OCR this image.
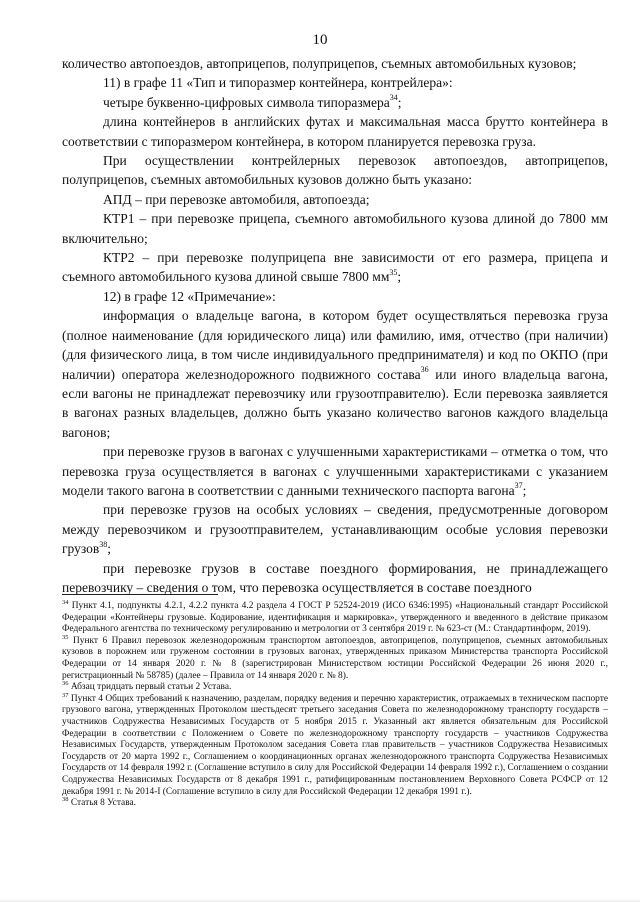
10

количество автопоездов, автоприцепов, полуприцепов, съемных автомобильных кузовов;

11) в графе 11 «Тип и типоразмер контейнера, контрейлера»:

четыре буквенно-цифровых символа типоразмера$^{34}$;

длина контейнеров в английских футах и максимальная масса брутто контейнера в соответствии с типоразмером контейнера, в котором планируется перевозка груза.

При осуществлении контрейлерных перевозок автопоездов, автоприцепов, полуприцепов, съемных автомобильных кузовов должно быть указано:

АПД – при перевозке автомобиля, автопоезда;

КТР1 – при перевозке прицепа, съемного автомобильного кузова длиной до 7800 мм включительно;

КТР2 – при перевозке полуприцепа вне зависимости от его размера, прицепа и съемного автомобильного кузова длиной свыше 7800 $мм^{35}$;

12) в графе 12 «Примечание»:

информация о владельце вагона, в котором будет осуществляться перевозка груза (полное наименование (для юридического лица) или фамилию, имя, отчество (при наличии) (для физического лица, в том числе индивидуального предпринимателя) и код по ОКПО (при наличии) оператора железнодорожного подвижного состава$^{36}$ или иного владельца вагона, если вагоны не принадлежат перевозчику или грузоотправителю). Если перевозка заявляется в вагонах разных владельцев, должно быть указано количество вагонов каждого владельца вагонов;

при перевозке грузов в вагонах с улучшенными характеристиками – отметка о том, что перевозка груза осуществляется в вагонах с улучшенными характеристиками с указанием модели такого вагона в соответствии с данными технического паспорта вагона$^{37}$;

при перевозке грузов на особых условиях – сведения, предусмотренные договором между перевозчиком и грузоотправителем, устанавливающим особые условия перевозки грузов$^{38}$;

при перевозке грузов в составе поездного формирования, не принадлежащего перевозчику – сведения о том, что перевозка осуществляется в составе поездного

$^{34}$ Пункт 4.1, подпункты 4.2.1, 4.2.2 пункта 4.2 раздела 4 ГОСТ Р 52524-2019 (ИСО 6346:1995) «Национальный стандарт Российской Федерации «Контейнеры грузовые. Кодирование, идентификация и маркировка», утвержденного и введенного в действие приказом Федерального агентства по техническому регулированию и метрологии от 3 сентября 2019 г. № 623-ст (М.: Стандартинформ, 2019).

$^{35}$ Пункт 6 Правил перевозок железнодорожным транспортом автопоездов, автоприцепов, полуприцепов, съемных автомобильных кузовов в порожнем или груженом состоянии в грузовых вагонах, утвержденных приказом Министерства транспорта Российской Федерации от 14 января 2020 г. № 8 (зарегистрирован Министерством юстиции Российской Федерации 26 июня 2020 г., регистрационный № 58785) (далее – Правила от 14 января 2020 г. № 8).

$^{36}$ Абзац тридцать первый статьи 2 Устава.

$^{37}$ Пункт 4 Общих требований к назначению, разделам, порядку ведения и перечню характеристик, отражаемых в техническом паспорте грузового вагона, утвержденных Протоколом шестьдесят третьего заседания Совета по железнодорожному транспорту государств – участников Содружества Независимых Государств от 5 ноября 2015 г. Указанный акт является обязательным для Российской Федерации в соответствии с Положением о Совете по железнодорожному транспорту государств – участников Содружества Независимых Государств, утвержденным Протоколом заседания Совета глав правительств – участников Содружества Независимых Государств от 20 марта 1992 г., Соглашением о координационных органах железнодорожного транспорта Содружества Независимых Государств от 14 февраля 1992 г. (Соглашение вступило в силу для Российской Федерации 14 февраля 1992 г.), Соглашением о создании Содружества Независимых Государств от 8 декабря 1991 г., ратифицированным постановлением Верховного Совета РСФСР от 12 декабря 1991 г. № 2014-I (Соглашение вступило в силу для Российской Федерации 12 декабря 1991 г.).

$^{38}$ Статья 8 Устава.
